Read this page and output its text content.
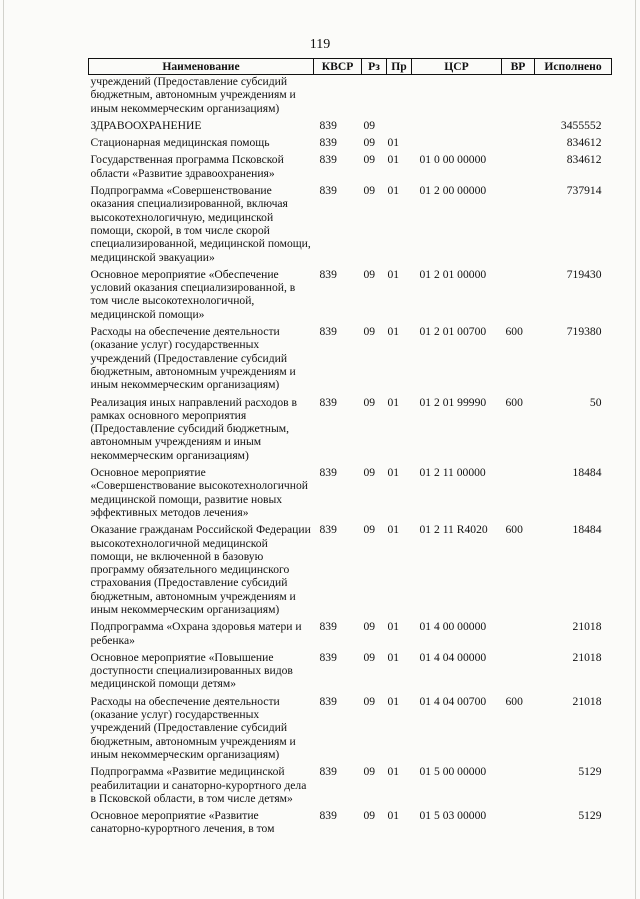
119
Наименование	КВСР	Рз	Пр	ЦСР	ВР	Исполнено
учреждений (Предоставление субсидий бюджетным, автономным учреждениям и иным некоммерческим организациям)						
ЗДРАВООХРАНЕНИЕ	839	09				3455552
Стационарная медицинская помощь	839	09	01			834612
Государственная программа Псковской области «Развитие здравоохранения»	839	09	01	01 0 00 00000		834612
Подпрограмма «Совершенствование оказания специализированной, включая высокотехнологичную, медицинской помощи, скорой, в том числе скорой специализированной, медицинской помощи, медицинской эвакуации»	839	09	01	01 2 00 00000		737914
Основное мероприятие «Обеспечение условий оказания специализированной, в том числе высокотехнологичной, медицинской помощи»	839	09	01	01 2 01 00000		719430
Расходы на обеспечение деятельности (оказание услуг) государственных учреждений (Предоставление субсидий бюджетным, автономным учреждениям и иным некоммерческим организациям)	839	09	01	01 2 01 00700	600	719380
Реализация иных направлений расходов в рамках основного мероприятия (Предоставление субсидий бюджетным, автономным учреждениям и иным некоммерческим организациям)	839	09	01	01 2 01 99990	600	50
Основное мероприятие «Совершенствование высокотехнологичной медицинской помощи, развитие новых эффективных методов лечения»	839	09	01	01 2 11 00000		18484
Оказание гражданам Российской Федерации высокотехнологичной медицинской помощи, не включенной в базовую программу обязательного медицинского страхования (Предоставление субсидий бюджетным, автономным учреждениям и иным некоммерческим организациям)	839	09	01	01 2 11 R4020	600	18484
Подпрограмма «Охрана здоровья матери и ребенка»	839	09	01	01 4 00 00000		21018
Основное мероприятие «Повышение доступности специализированных видов медицинской помощи детям»	839	09	01	01 4 04 00000		21018
Расходы на обеспечение деятельности (оказание услуг) государственных учреждений (Предоставление субсидий бюджетным, автономным учреждениям и иным некоммерческим организациям)	839	09	01	01 4 04 00700	600	21018
Подпрограмма «Развитие медицинской реабилитации и санаторно-курортного дела в Псковской области, в том числе детям»	839	09	01	01 5 00 00000		5129
Основное мероприятие «Развитие санаторно-курортного лечения, в том	839	09	01	01 5 03 00000		5129
